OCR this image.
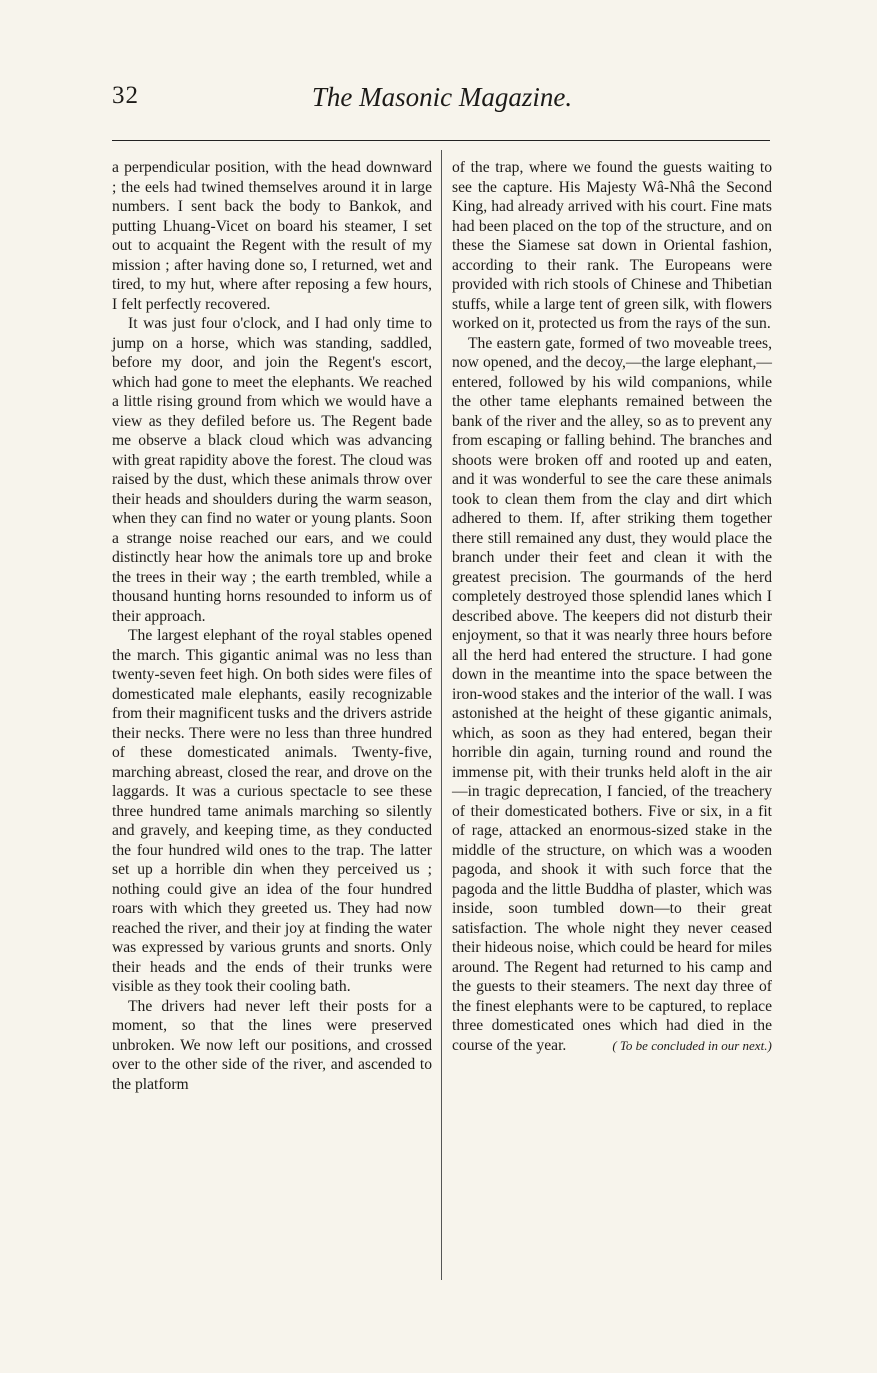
32	The Masonic Magazine.

a perpendicular position, with the head downward ; the eels had twined themselves around it in large numbers. I sent back the body to Bankok, and putting Lhuang-Vicet on board his steamer, I set out to acquaint the Regent with the result of my mission ; after having done so, I returned, wet and tired, to my hut, where after reposing a few hours, I felt perfectly recovered.

It was just four o'clock, and I had only time to jump on a horse, which was standing, saddled, before my door, and join the Regent's escort, which had gone to meet the elephants. We reached a little rising ground from which we would have a view as they defiled before us. The Regent bade me observe a black cloud which was advancing with great rapidity above the forest. The cloud was raised by the dust, which these animals throw over their heads and shoulders during the warm season, when they can find no water or young plants. Soon a strange noise reached our ears, and we could distinctly hear how the animals tore up and broke the trees in their way ; the earth trembled, while a thousand hunting horns resounded to inform us of their approach.

The largest elephant of the royal stables opened the march. This gigantic animal was no less than twenty-seven feet high. On both sides were files of domesticated male elephants, easily recognizable from their magnificent tusks and the drivers astride their necks. There were no less than three hundred of these domesticated animals. Twenty-five, marching abreast, closed the rear, and drove on the laggards. It was a curious spectacle to see these three hundred tame animals marching so silently and gravely, and keeping time, as they conducted the four hundred wild ones to the trap. The latter set up a horrible din when they perceived us ; nothing could give an idea of the four hundred roars with which they greeted us. They had now reached the river, and their joy at finding the water was expressed by various grunts and snorts. Only their heads and the ends of their trunks were visible as they took their cooling bath.

The drivers had never left their posts for a moment, so that the lines were preserved unbroken. We now left our positions, and crossed over to the other side of the river, and ascended to the platform

of the trap, where we found the guests waiting to see the capture. His Majesty Wâ-Nhâ the Second King, had already arrived with his court. Fine mats had been placed on the top of the structure, and on these the Siamese sat down in Oriental fashion, according to their rank. The Europeans were provided with rich stools of Chinese and Thibetian stuffs, while a large tent of green silk, with flowers worked on it, protected us from the rays of the sun.

The eastern gate, formed of two moveable trees, now opened, and the decoy,—the large elephant,—entered, followed by his wild companions, while the other tame elephants remained between the bank of the river and the alley, so as to prevent any from escaping or falling behind. The branches and shoots were broken off and rooted up and eaten, and it was wonderful to see the care these animals took to clean them from the clay and dirt which adhered to them. If, after striking them together there still remained any dust, they would place the branch under their feet and clean it with the greatest precision. The gourmands of the herd completely destroyed those splendid lanes which I described above. The keepers did not disturb their enjoyment, so that it was nearly three hours before all the herd had entered the structure. I had gone down in the meantime into the space between the iron-wood stakes and the interior of the wall. I was astonished at the height of these gigantic animals, which, as soon as they had entered, began their horrible din again, turning round and round the immense pit, with their trunks held aloft in the air—in tragic deprecation, I fancied, of the treachery of their domesticated bothers. Five or six, in a fit of rage, attacked an enormous-sized stake in the middle of the structure, on which was a wooden pagoda, and shook it with such force that the pagoda and the little Buddha of plaster, which was inside, soon tumbled down—to their great satisfaction. The whole night they never ceased their hideous noise, which could be heard for miles around. The Regent had returned to his camp and the guests to their steamers. The next day three of the finest elephants were to be captured, to replace three domesticated ones which had died in the course of the year.	( To be concluded in our next.)
